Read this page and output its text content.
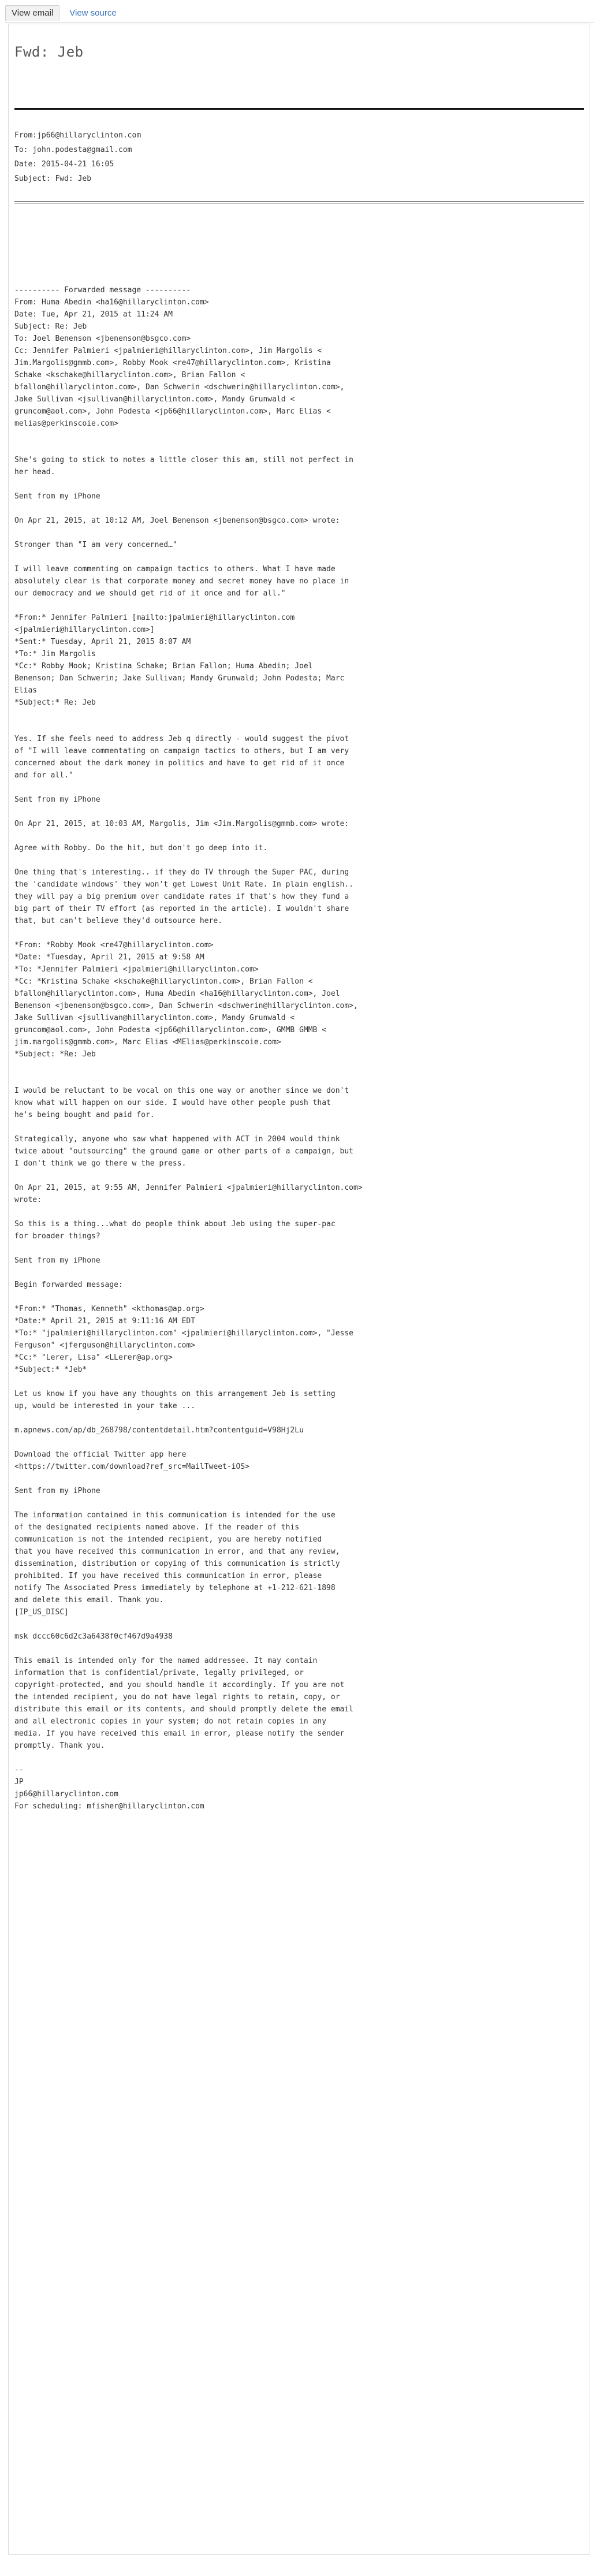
View email	View source
Fwd: Jeb
From:jp66@hillaryclinton.com
To: john.podesta@gmail.com
Date: 2015-04-21 16:05
Subject: Fwd: Jeb
---------- Forwarded message ----------
From: Huma Abedin <ha16@hillaryclinton.com>
Date: Tue, Apr 21, 2015 at 11:24 AM
Subject: Re: Jeb
To: Joel Benenson <jbenenson@bsgco.com>
Cc: Jennifer Palmieri <jpalmieri@hillaryclinton.com>, Jim Margolis <
Jim.Margolis@gmmb.com>, Robby Mook <re47@hillaryclinton.com>, Kristina
Schake <kschake@hillaryclinton.com>, Brian Fallon <
bfallon@hillaryclinton.com>, Dan Schwerin <dschwerin@hillaryclinton.com>,
Jake Sullivan <jsullivan@hillaryclinton.com>, Mandy Grunwald <
gruncom@aol.com>, John Podesta <jp66@hillaryclinton.com>, Marc Elias <
melias@perkinscoie.com>

She's going to stick to notes a little closer this am, still not perfect in
her head.

Sent from my iPhone

On Apr 21, 2015, at 10:12 AM, Joel Benenson <jbenenson@bsgco.com> wrote:

Stronger than "I am very concerned…"

I will leave commenting on campaign tactics to others. What I have made
absolutely clear is that corporate money and secret money have no place in
our democracy and we should get rid of it once and for all."

*From:* Jennifer Palmieri [mailto:jpalmieri@hillaryclinton.com
<jpalmieri@hillaryclinton.com>]
*Sent:* Tuesday, April 21, 2015 8:07 AM
*To:* Jim Margolis
*Cc:* Robby Mook; Kristina Schake; Brian Fallon; Huma Abedin; Joel
Benenson; Dan Schwerin; Jake Sullivan; Mandy Grunwald; John Podesta; Marc
Elias
*Subject:* Re: Jeb

Yes. If she feels need to address Jeb q directly - would suggest the pivot
of "I will leave commentating on campaign tactics to others, but I am very
concerned about the dark money in politics and have to get rid of it once
and for all."

Sent from my iPhone

On Apr 21, 2015, at 10:03 AM, Margolis, Jim <Jim.Margolis@gmmb.com> wrote:

Agree with Robby. Do the hit, but don't go deep into it.

One thing that's interesting.. if they do TV through the Super PAC, during
the 'candidate windows' they won't get Lowest Unit Rate. In plain english..
they will pay a big premium over candidate rates if that's how they fund a
big part of their TV effort (as reported in the article). I wouldn't share
that, but can't believe they'd outsource here.

*From: *Robby Mook <re47@hillaryclinton.com>
*Date: *Tuesday, April 21, 2015 at 9:58 AM
*To: *Jennifer Palmieri <jpalmieri@hillaryclinton.com>
*Cc: *Kristina Schake <kschake@hillaryclinton.com>, Brian Fallon <
bfallon@hillaryclinton.com>, Huma Abedin <ha16@hillaryclinton.com>, Joel
Benenson <jbenenson@bsgco.com>, Dan Schwerin <dschwerin@hillaryclinton.com>,
Jake Sullivan <jsullivan@hillaryclinton.com>, Mandy Grunwald <
gruncom@aol.com>, John Podesta <jp66@hillaryclinton.com>, GMMB GMMB <
jim.margolis@gmmb.com>, Marc Elias <MElias@perkinscoie.com>
*Subject: *Re: Jeb

I would be reluctant to be vocal on this one way or another since we don't
know what will happen on our side. I would have other people push that
he's being bought and paid for.

Strategically, anyone who saw what happened with ACT in 2004 would think
twice about "outsourcing" the ground game or other parts of a campaign, but
I don't think we go there w the press.

On Apr 21, 2015, at 9:55 AM, Jennifer Palmieri <jpalmieri@hillaryclinton.com>
wrote:

So this is a thing...what do people think about Jeb using the super-pac
for broader things?

Sent from my iPhone

Begin forwarded message:

*From:* "Thomas, Kenneth" <kthomas@ap.org>
*Date:* April 21, 2015 at 9:11:16 AM EDT
*To:* "jpalmieri@hillaryclinton.com" <jpalmieri@hillaryclinton.com>, "Jesse
Ferguson" <jferguson@hillaryclinton.com>
*Cc:* "Lerer, Lisa" <LLerer@ap.org>
*Subject:* *Jeb*

Let us know if you have any thoughts on this arrangement Jeb is setting
up, would be interested in your take ...

m.apnews.com/ap/db_268798/contentdetail.htm?contentguid=V98Hj2Lu

Download the official Twitter app here
<https://twitter.com/download?ref_src=MailTweet-iOS>

Sent from my iPhone

The information contained in this communication is intended for the use
of the designated recipients named above. If the reader of this
communication is not the intended recipient, you are hereby notified
that you have received this communication in error, and that any review,
dissemination, distribution or copying of this communication is strictly
prohibited. If you have received this communication in error, please
notify The Associated Press immediately by telephone at +1-212-621-1898
and delete this email. Thank you.
[IP_US_DISC]

msk dccc60c6d2c3a6438f0cf467d9a4938

This email is intended only for the named addressee. It may contain
information that is confidential/private, legally privileged, or
copyright-protected, and you should handle it accordingly. If you are not
the intended recipient, you do not have legal rights to retain, copy, or
distribute this email or its contents, and should promptly delete the email
and all electronic copies in your system; do not retain copies in any
media. If you have received this email in error, please notify the sender
promptly. Thank you.

--
JP
jp66@hillaryclinton.com
For scheduling: mfisher@hillaryclinton.com
